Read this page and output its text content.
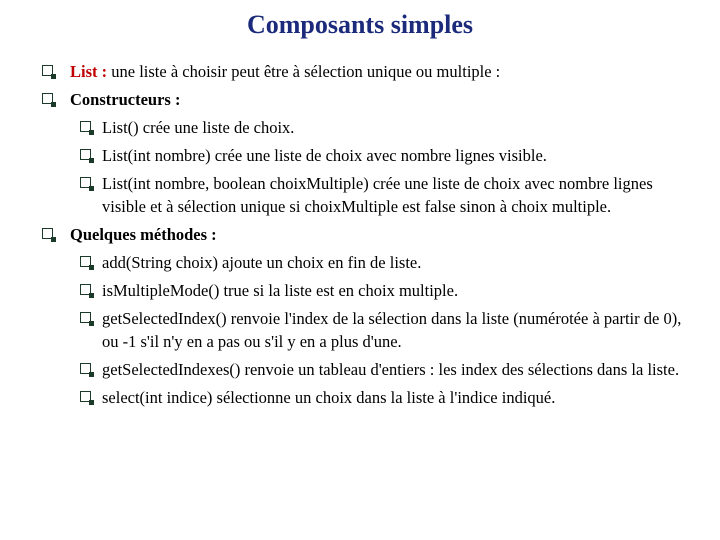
Composants simples
List : une liste à choisir peut être à sélection unique ou multiple :
Constructeurs :
List() crée une liste de choix.
List(int nombre) crée une liste de choix avec nombre lignes visible.
List(int nombre, boolean choixMultiple) crée une liste de choix avec nombre lignes visible et à sélection unique si choixMultiple est false sinon à choix multiple.
Quelques méthodes :
add(String choix) ajoute un choix en fin de liste.
isMultipleMode() true si la liste est en choix multiple.
getSelectedIndex() renvoie l'index de la sélection dans la liste (numérotée à partir de 0), ou -1 s'il n'y en a pas ou s'il y en a plus d'une.
getSelectedIndexes() renvoie un tableau d'entiers : les index des sélections dans la liste.
select(int indice) sélectionne un choix dans la liste à l'indice indiqué.
